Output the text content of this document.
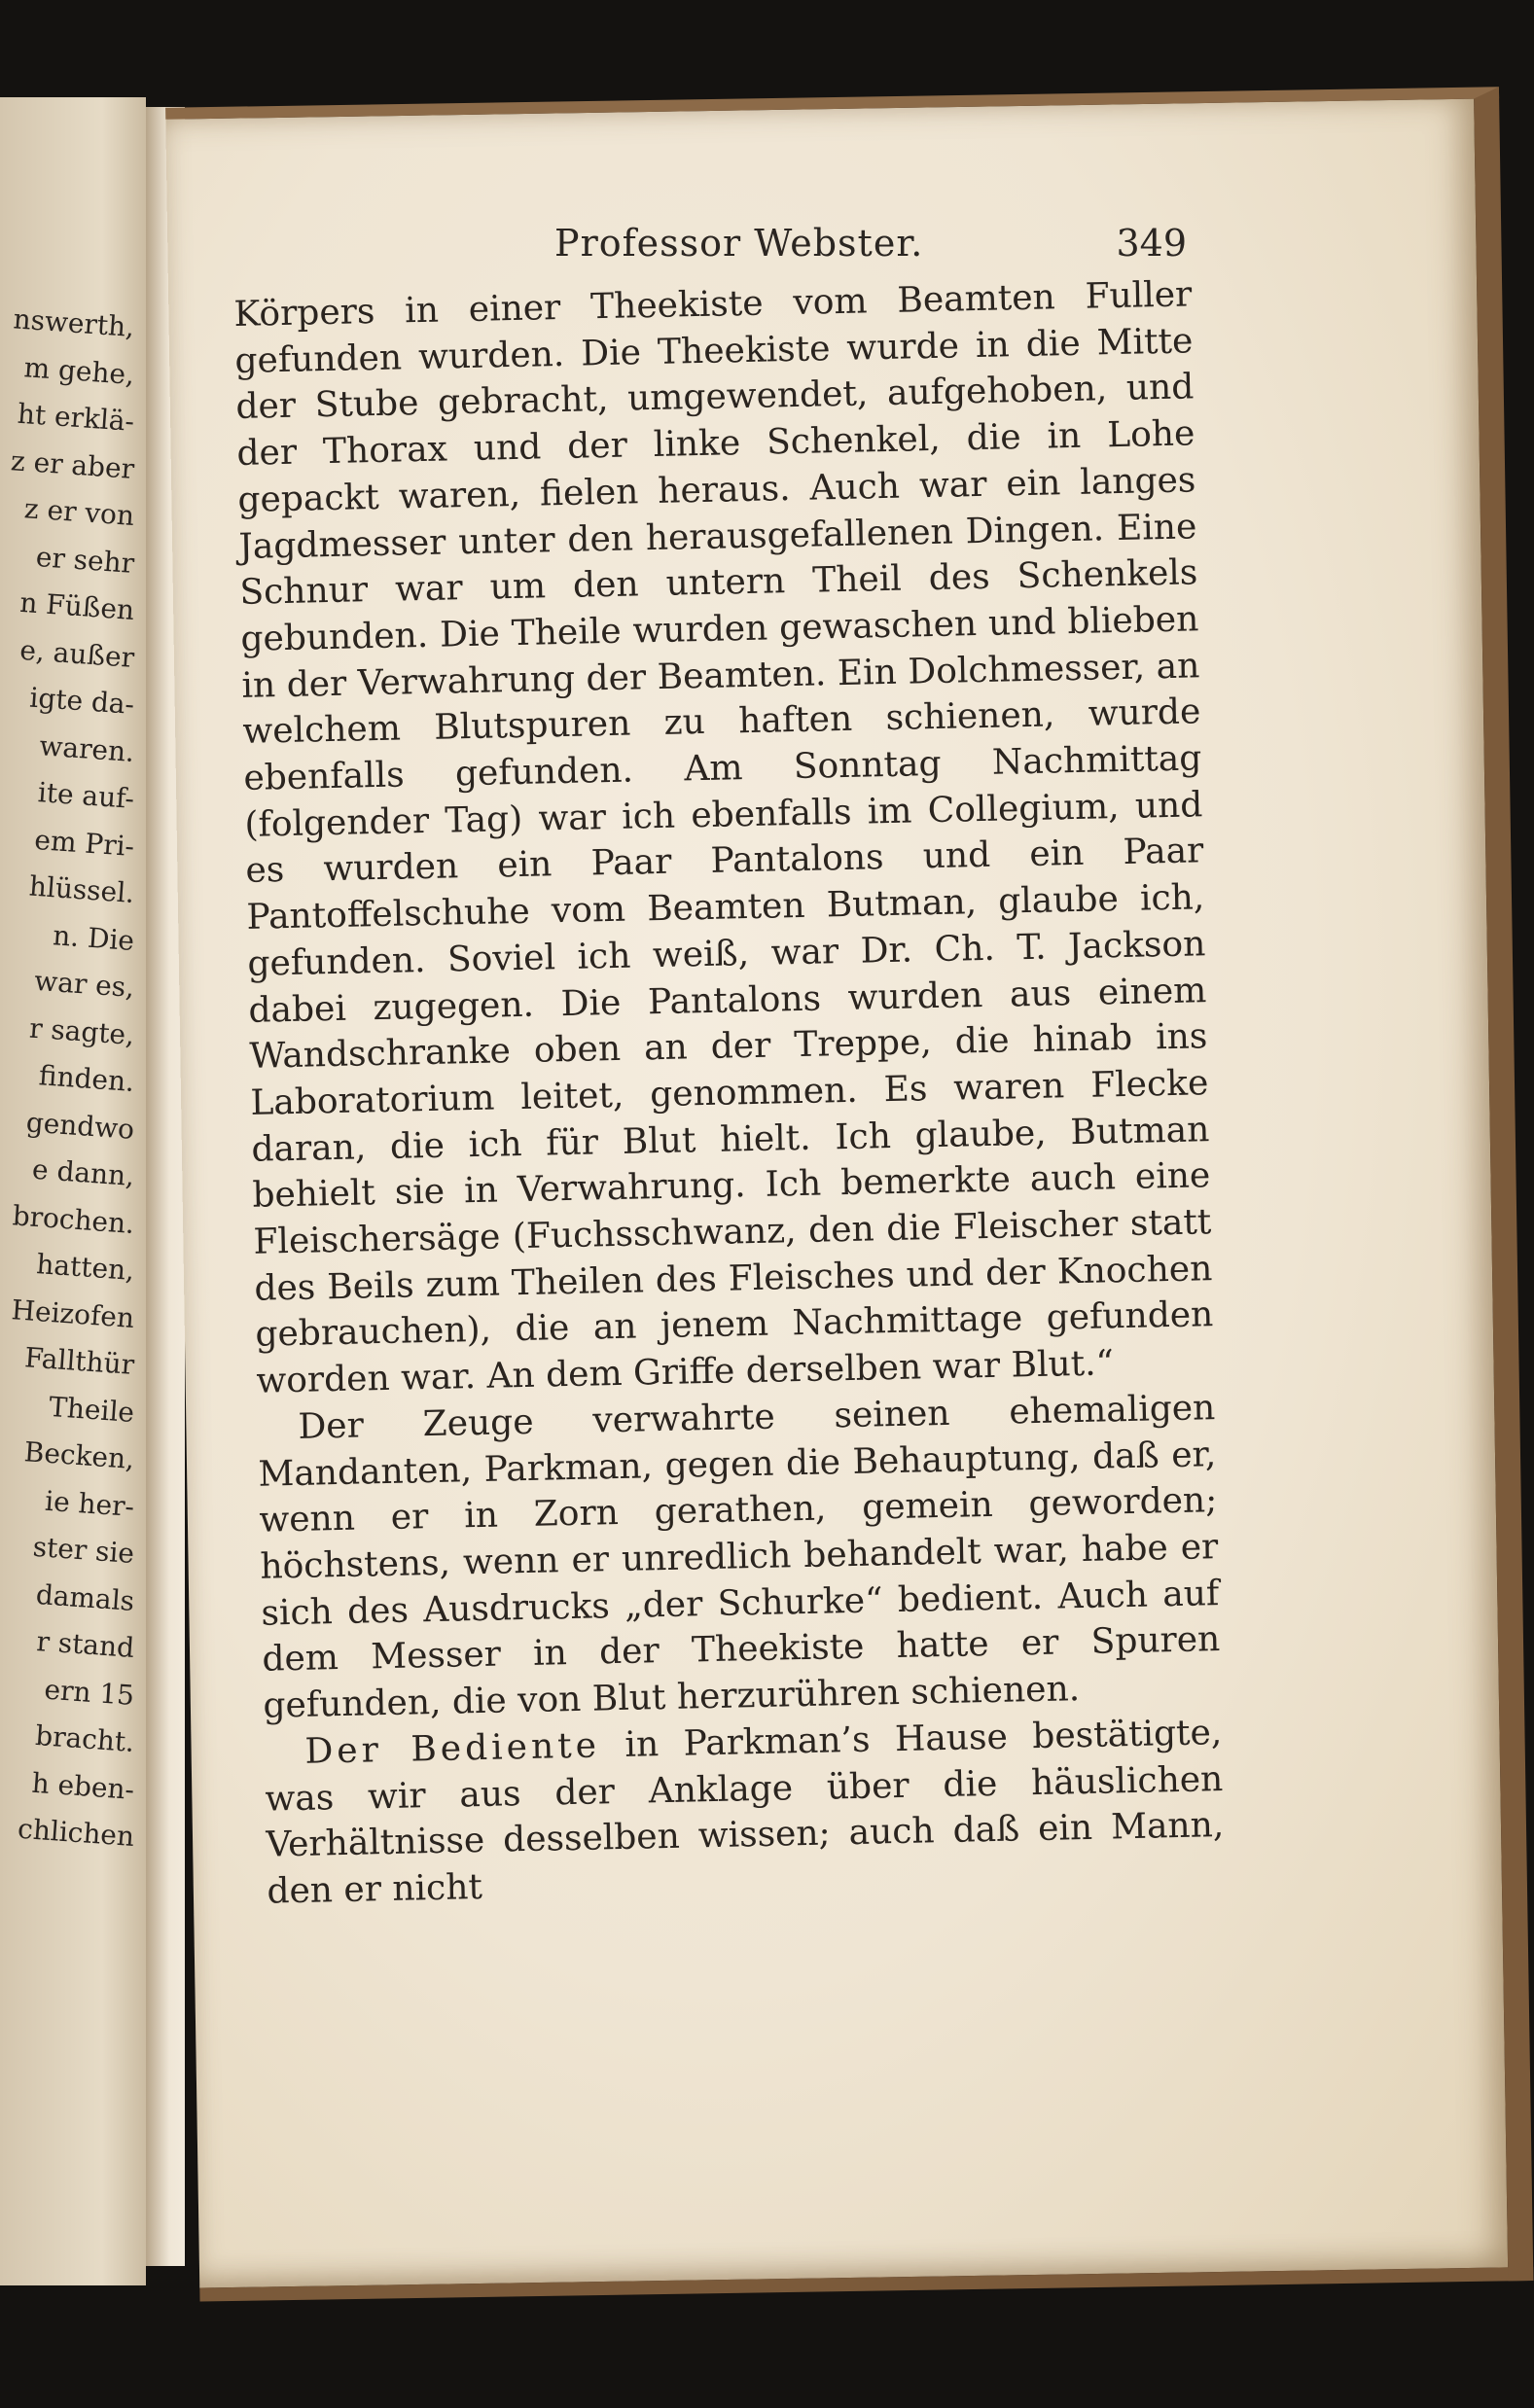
nswerth,
m gehe,
ht erklä-
z er aber
z er von
er sehr
n Füßen
e, außer
igte da-
waren.
ite auf-
em Pri-
hlüssel.
n. Die
war es,
r sagte,
finden.
gendwo
e dann,
brochen.
hatten,
Heizofen
Fallthür
Theile
Becken,
ie her-
ster sie
damals
r stand
ern 15
bracht.
h eben-
chlichen
Professor Webster.	349

Körpers in einer Theekiste vom Beamten Fuller gefunden wurden. Die Theekiste wurde in die Mitte der Stube gebracht, umgewendet, aufgehoben, und der Thorax und der linke Schenkel, die in Lohe gepackt waren, fielen heraus. Auch war ein langes Jagdmesser unter den herausgefallenen Dingen. Eine Schnur war um den untern Theil des Schenkels gebunden. Die Theile wurden gewaschen und blieben in der Verwahrung der Beamten. Ein Dolchmesser, an welchem Blutspuren zu haften schienen, wurde ebenfalls gefunden. Am Sonntag Nachmittag (folgender Tag) war ich ebenfalls im Collegium, und es wurden ein Paar Pantalons und ein Paar Pantoffelschuhe vom Beamten Butman, glaube ich, gefunden. Soviel ich weiß, war Dr. Ch. T. Jackson dabei zugegen. Die Pantalons wurden aus einem Wandschranke oben an der Treppe, die hinab ins Laboratorium leitet, genommen. Es waren Flecke daran, die ich für Blut hielt. Ich glaube, Butman behielt sie in Verwahrung. Ich bemerkte auch eine Fleischersäge (Fuchsschwanz, den die Fleischer statt des Beils zum Theilen des Fleisches und der Knochen gebrauchen), die an jenem Nachmittage gefunden worden war. An dem Griffe derselben war Blut.“

Der Zeuge verwahrte seinen ehemaligen Mandanten, Parkman, gegen die Behauptung, daß er, wenn er in Zorn gerathen, gemein geworden; höchstens, wenn er unredlich behandelt war, habe er sich des Ausdrucks „der Schurke“ bedient. Auch auf dem Messer in der Theekiste hatte er Spuren gefunden, die von Blut herzurühren schienen.

Der Bediente in Parkman’s Hause bestätigte, was wir aus der Anklage über die häuslichen Verhältnisse desselben wissen; auch daß ein Mann, den er nicht
